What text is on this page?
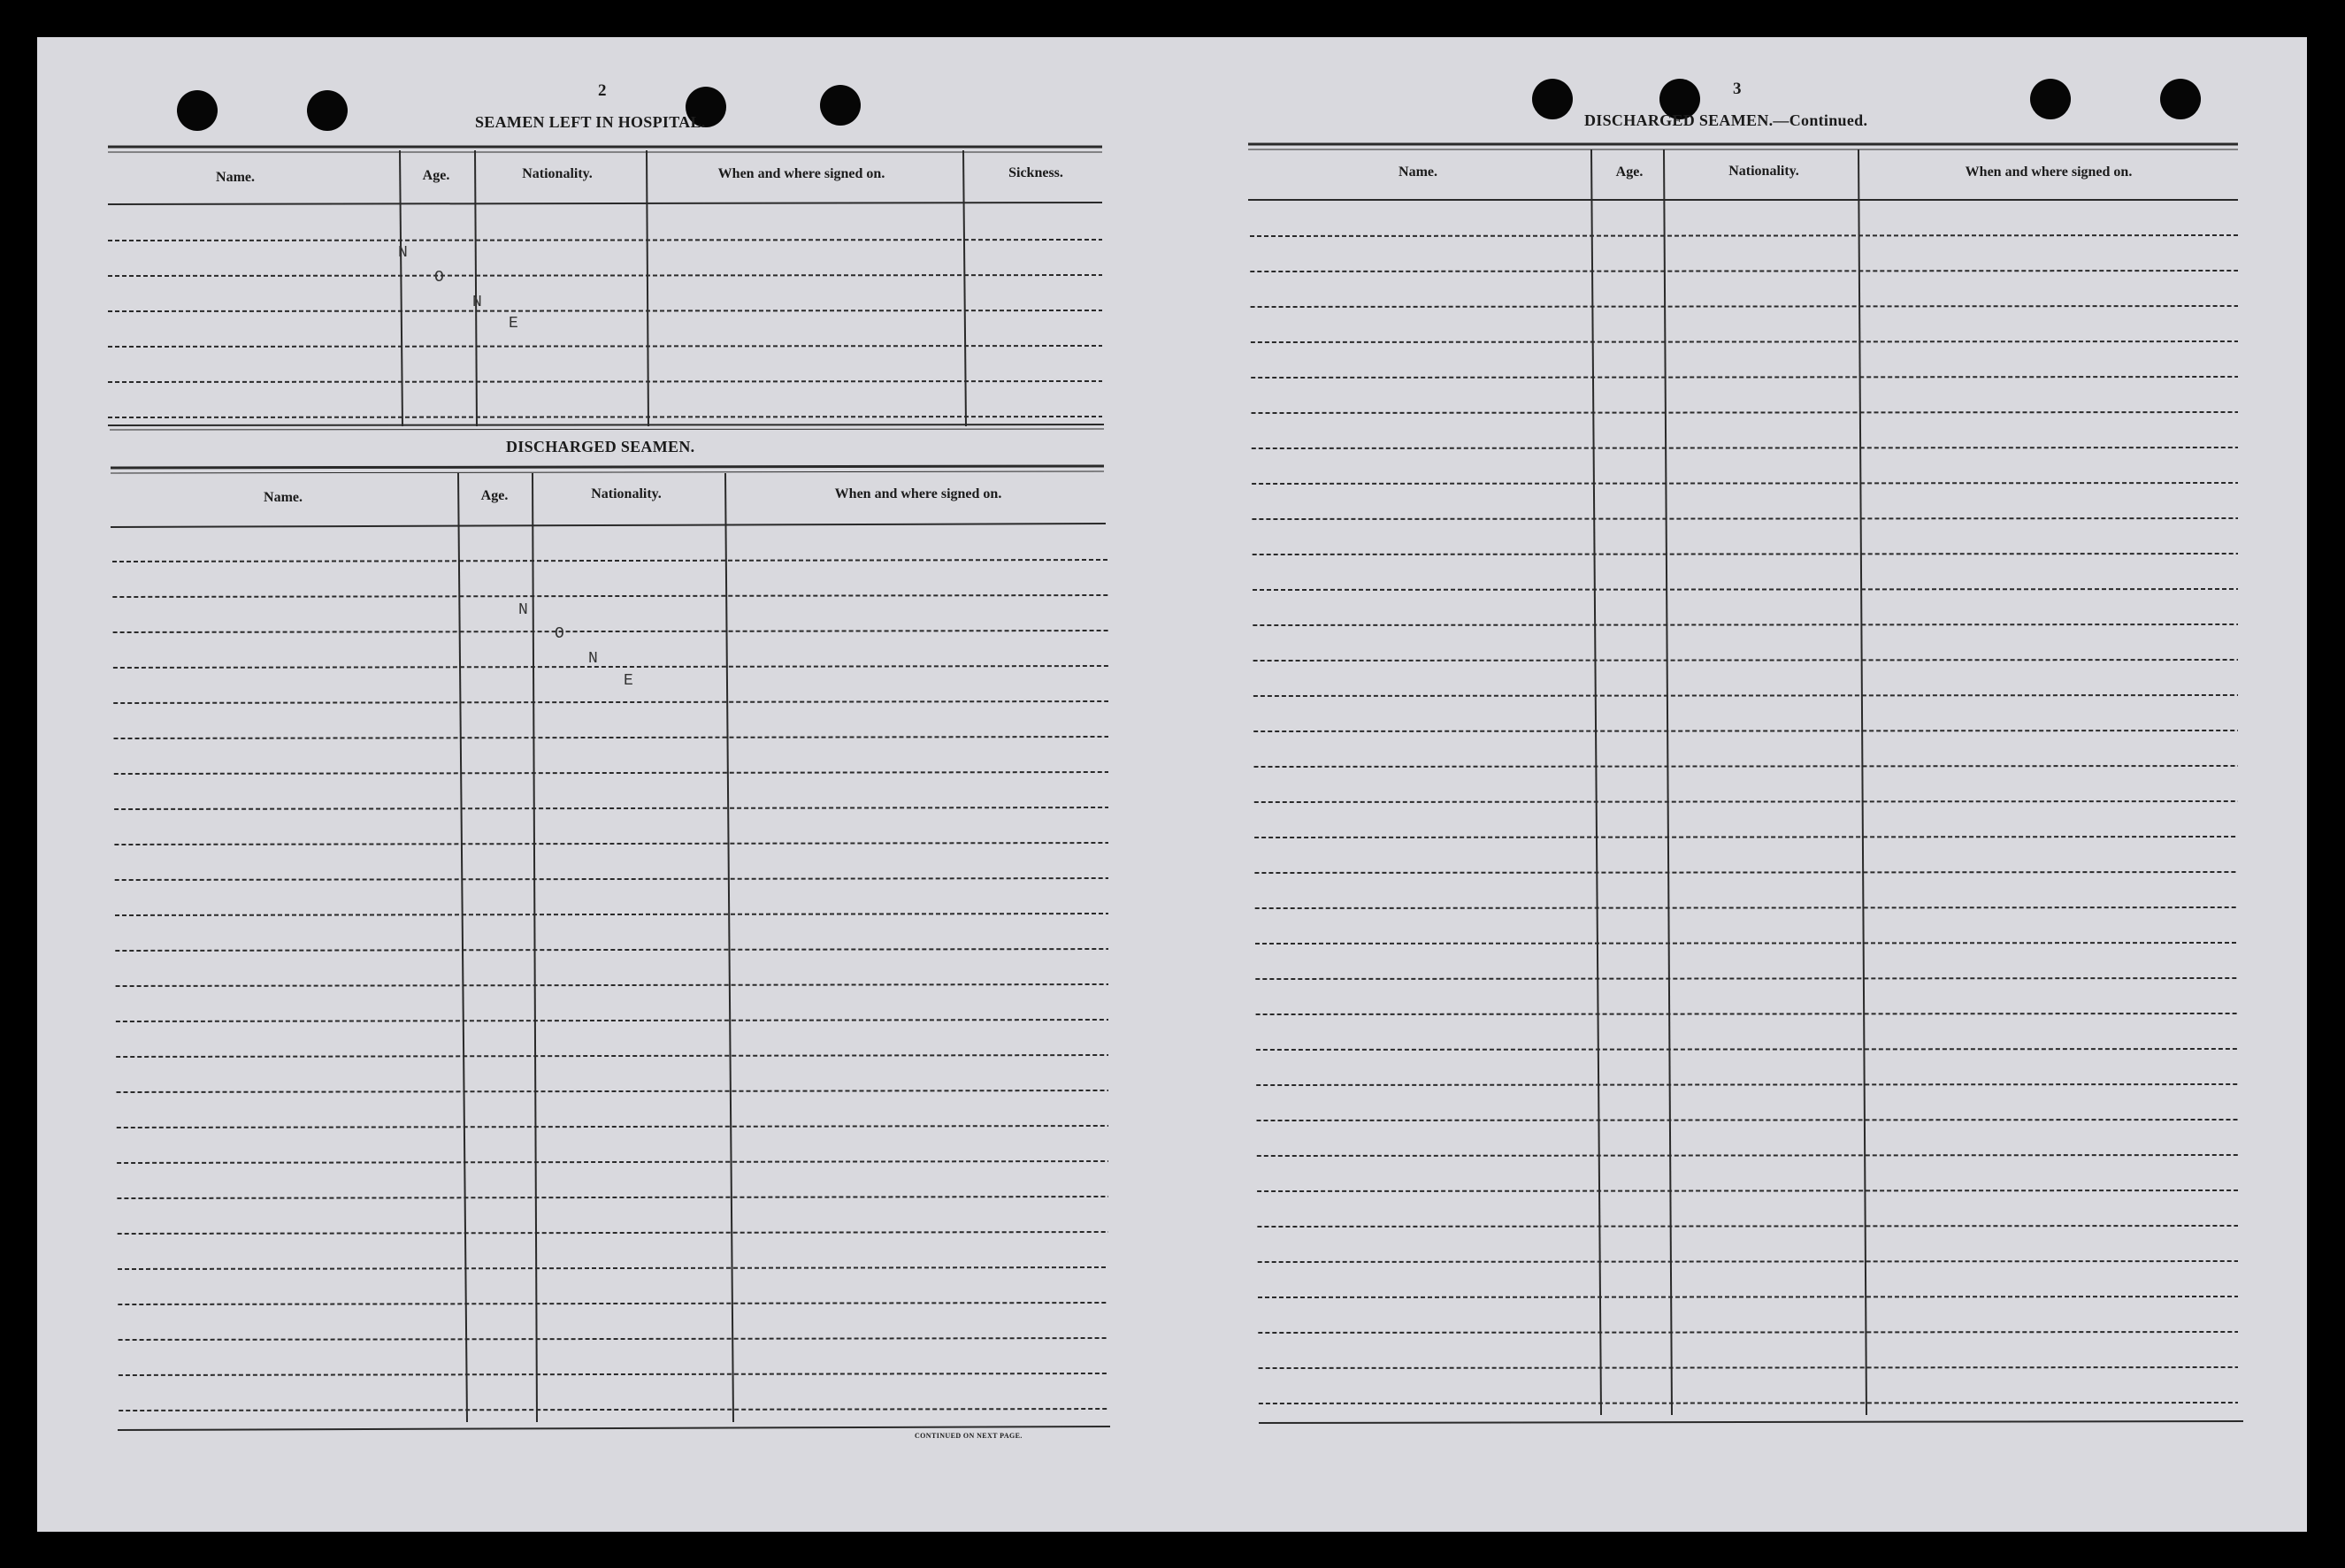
2
SEAMEN LEFT IN HOSPITAL.
Name.	Age.	Nationality.	When and where signed on.	Sickness.
N
O
N
E
DISCHARGED SEAMEN.
Name.	Age.	Nationality.	When and where signed on.
N
O
N
E
CONTINUED ON NEXT PAGE.
3
DISCHARGED SEAMEN.—Continued.
Name.	Age.	Nationality.	When and where signed on.
